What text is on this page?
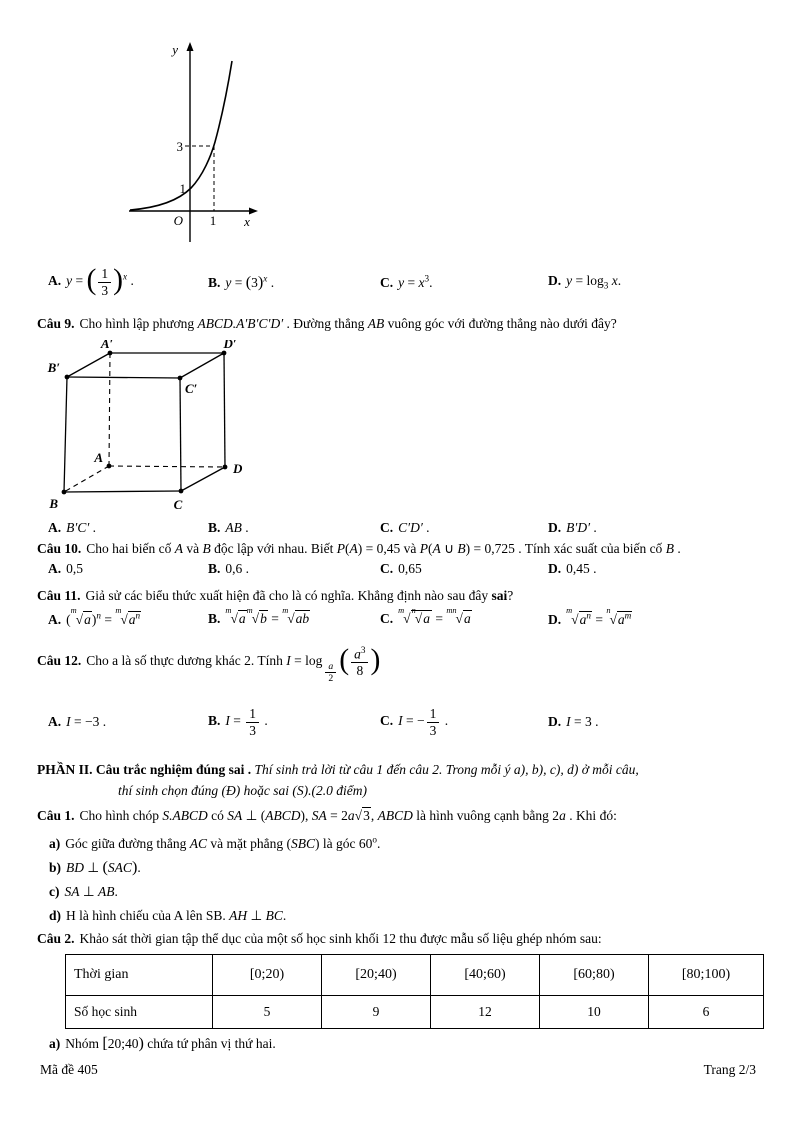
y
x
O
3
1
1
A. y = ( $\frac{1}{3} )^x$ .	B. $y = (3)^x$ .	C. $y = x^3$.	D. $y = \log_3 x$.

Câu 9. Cho hình lập phương ABCD.A′B′C′D′ . Đường thẳng AB vuông góc với đường thẳng nào dưới đây?

A′	D′
B′
C′
A
B	C
D
A. B′C′ .	B. AB .	C. C′D′ .	D. B′D′ .

Câu 10. Cho hai biến cố A và B độc lập với nhau. Biết P(A) = 0,45 và P(A ∪ B) = 0,725 . Tính xác suất của biến cố B .

A. 0,5	B. 0,6 .	C. 0,65	D. 0,45 .

Câu 11. Giả sử các biểu thức xuất hiện đã cho là có nghĩa. Khẳng định nào sau đây sai?

A. $(^m√a)^n = ^m√a^n$	$B.^m√a^m√b = ^m√ab$	C.$^m$√$^n$√a = $^{mn}$√a	$D.^m√a^n = ^n√a^m$

Câu 12. Cho a là số thực dương khác 2. Tính I = log
$\frac{a}{2}$ ( $\frac{a^3}{8}$ )

A. I = −3 .	B. $I = \frac{1}{3}$ .	C. I = − $\frac{1}{3}$ .	D. I = 3 .

PHẦN II. Câu trắc nghiệm đúng sai . Thí sinh trả lời từ câu 1 đến câu 2. Trong mỗi ý a), b), c), d) ở mỗi câu,

thí sinh chọn đúng (Đ) hoặc sai (S).(2.0 điểm)

Câu 1. Cho hình chóp S.ABCD có SA ⊥ (ABCD), SA = 2a√3, ABCD là hình vuông cạnh bằng 2a . Khi đó:

a) Góc giữa đường thẳng AC và mặt phẳng (SBC) là góc 60$^o$.
b) BD ⊥ (SAC).
c) SA ⊥ AB.
d) H là hình chiếu của A lên SB. AH ⊥ BC.

Câu 2. Khảo sát thời gian tập thể dục của một số học sinh khối 12 thu được mẫu số liệu ghép nhóm sau:

Thời gian	[0;20)	[20;40)	[40;60)	[60;80)	[80;100)
Số học sinh	5	9	12	10	6
a) Nhóm [20;40) chứa tứ phân vị thứ hai.
Mã đề 405	Trang 2/3
